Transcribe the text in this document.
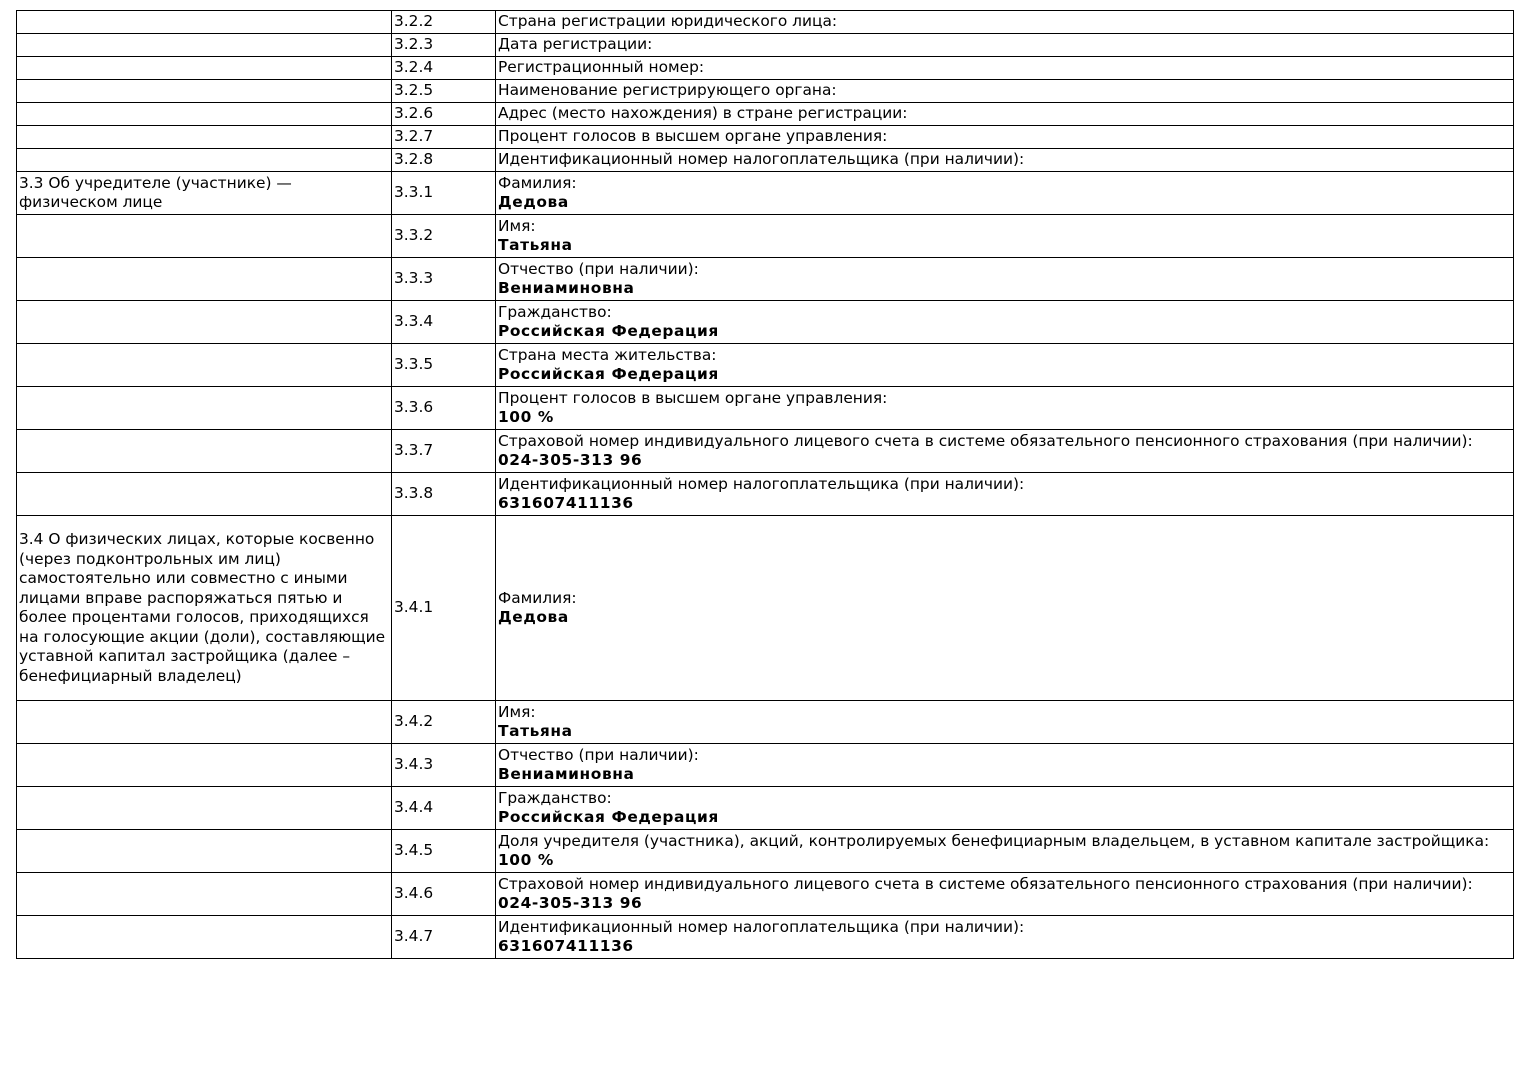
	3.2.2	Страна регистрации юридического лица:

	3.2.3	Дата регистрации:

	3.2.4	Регистрационный номер:

	3.2.5	Наименование регистрирующего органа:

	3.2.6	Адрес (место нахождения) в стране регистрации:

	3.2.7	Процент голосов в высшем органе управления:

	3.2.8	Идентификационный номер налогоплательщика (при наличии):

3.3 Об учредителе (участнике) — физическом лице	3.3.1	Фамилия:
Дедова

	3.3.2	Имя:
Татьяна

	3.3.3	Отчество (при наличии):
Вениаминовна

	3.3.4	Гражданство:
Российская Федерация

	3.3.5	Страна места жительства:
Российская Федерация

	3.3.6	Процент голосов в высшем органе управления:
100 %

	3.3.7	Страховой номер индивидуального лицевого счета в системе обязательного пенсионного страхования (при наличии):
024-305-313 96

	3.3.8	Идентификационный номер налогоплательщика (при наличии):
631607411136

3.4 О физических лицах, которые косвенно (через подконтрольных им лиц) самостоятельно или совместно с иными лицами вправе распоряжаться пятью и более процентами голосов, приходящихся на голосующие акции (доли), составляющие уставной капитал застройщика (далее – бенефициарный владелец)	3.4.1	Фамилия:
Дедова

	3.4.2	Имя:
Татьяна

	3.4.3	Отчество (при наличии):
Вениаминовна

	3.4.4	Гражданство:
Российская Федерация

	3.4.5	Доля учредителя (участника), акций, контролируемых бенефициарным владельцем, в уставном капитале застройщика:
100 %

	3.4.6	Страховой номер индивидуального лицевого счета в системе обязательного пенсионного страхования (при наличии):
024-305-313 96

	3.4.7	Идентификационный номер налогоплательщика (при наличии):
631607411136
